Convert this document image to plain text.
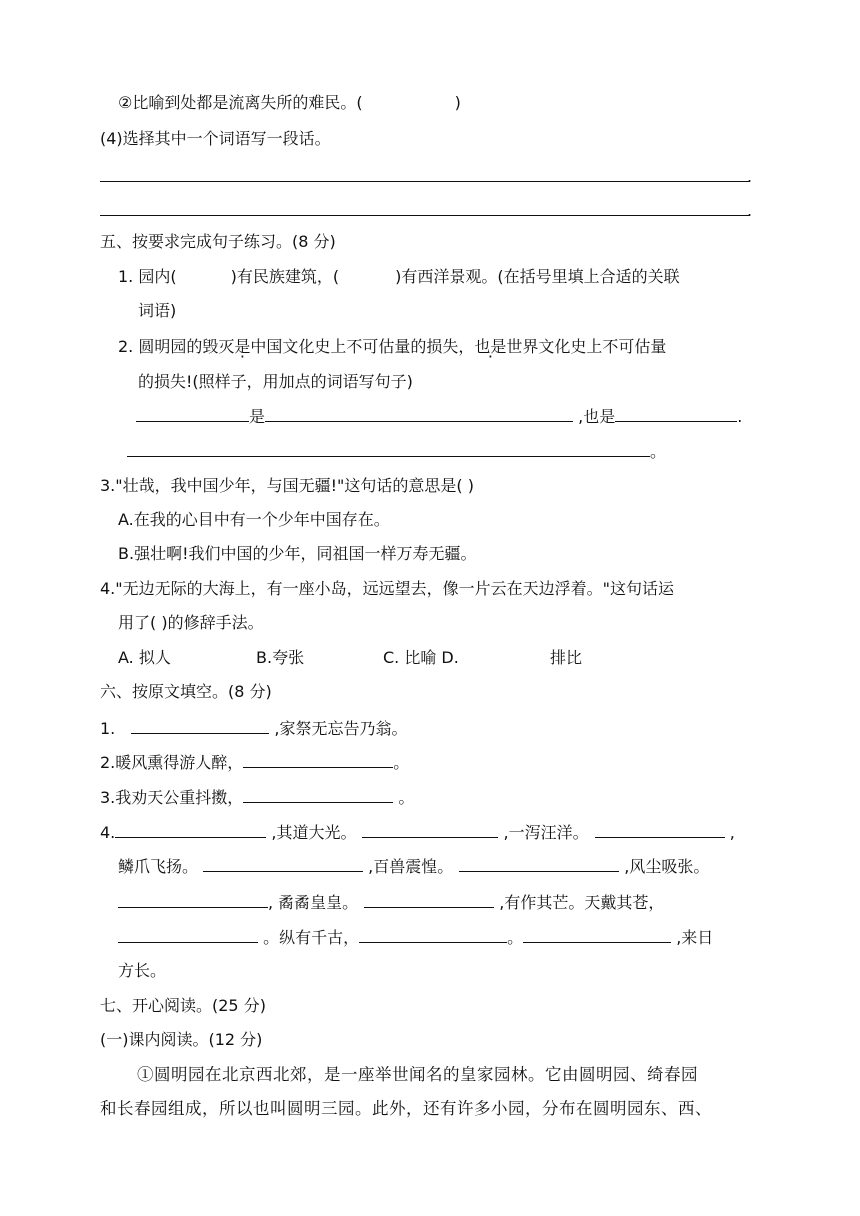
②比喻到处都是流离失所的难民。(	)
(4)选择其中一个词语写一段话。
.
.
五、按要求完成句子练习。(8 分)
1. 园内(	)有民族建筑，(	)有西洋景观。(在括号里填上合适的关联
词语)
2. 圆明园的毁灭是中国文化史上不可估量的损失，也是世界文化史上不可估量
的损失!(照样子，用加点的词语写句子)
是	,也是	.
。
3."壮哉，我中国少年，与国无疆!"这句话的意思是( )
A.在我的心目中有一个少年中国存在。
B.强壮啊!我们中国的少年，同祖国一样万寿无疆。
4."无边无际的大海上，有一座小岛，远远望去，像一片云在天边浮着。"这句话运
用了( )的修辞手法。
A. 拟人	B.夸张	C. 比喻 D.	排比
六、按原文填空。(8 分)
1.	,家祭无忘告乃翁。
2.暖风熏得游人醉，	。
3.我劝天公重抖擞，	。
4.	,其道大光。	,一泻汪洋。	,
鳞爪飞扬。	,百兽震惶。	,风尘吸张。
, 矞矞皇皇。	,有作其芒。天戴其苍，
。纵有千古，	。	,来日
方长。
七、开心阅读。(25 分)
(一)课内阅读。(12 分)
①圆明园在北京西北郊，是一座举世闻名的皇家园林。它由圆明园、绮春园
和长春园组成，所以也叫圆明三园。此外，还有许多小园，分布在圆明园东、西、
